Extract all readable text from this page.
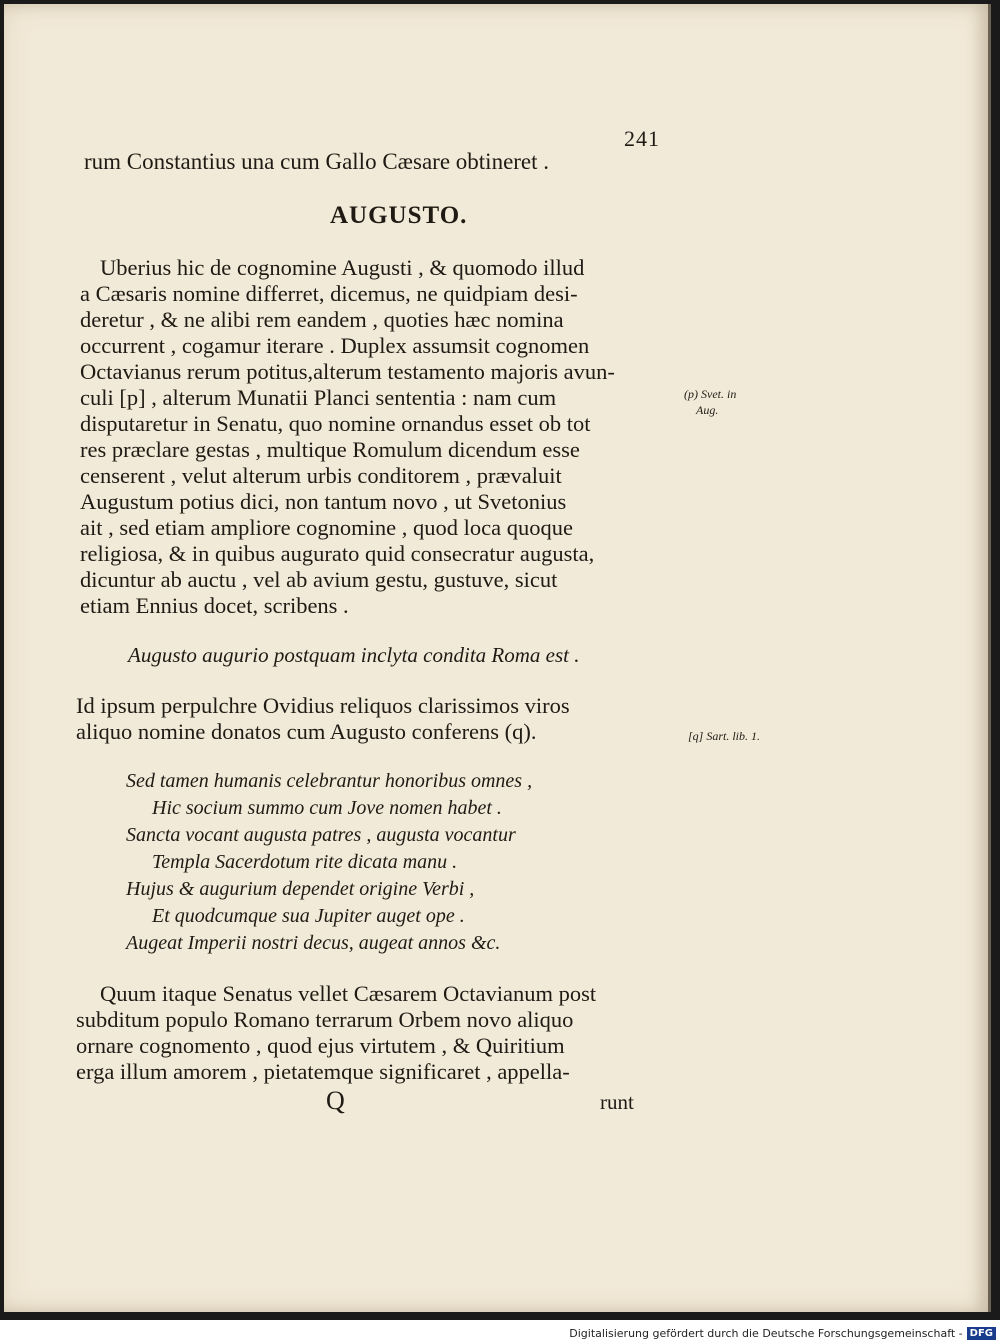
241
rum Constantius una cum Gallo Cæsare obtineret .
AUGUSTO.
Uberius hic de cognomine Augusti , & quomodo illud
a Cæsaris nomine differret, dicemus, ne quidpiam desi-
deretur , & ne alibi rem eandem , quoties hæc nomina
occurrent , cogamur iterare . Duplex assumsit cognomen
Octavianus rerum potitus,alterum testamento majoris avun-
culi [p] , alterum Munatii Planci sententia : nam cum
disputaretur in Senatu, quo nomine ornandus esset ob tot
res præclare gestas , multique Romulum dicendum esse
censerent , velut alterum urbis conditorem , prævaluit
Augustum potius dici, non tantum novo , ut Svetonius
ait , sed etiam ampliore cognomine , quod loca quoque
religiosa, & in quibus augurato quid consecratur augusta,
dicuntur ab auctu , vel ab avium gestu, gustuve, sicut
etiam Ennius docet, scribens .
(p) Svet. in
Aug.
Augusto augurio postquam inclyta condita Roma est .
Id ipsum perpulchre Ovidius reliquos clarissimos viros
aliquo nomine donatos cum Augusto conferens (q).	[q] Sart. lib. 1.
Sed tamen humanis celebrantur honoribus omnes ,
Hic socium summo cum Jove nomen habet .
Sancta vocant augusta patres , augusta vocantur
Templa Sacerdotum rite dicata manu .
Hujus & augurium dependet origine Verbi ,
Et quodcumque sua Jupiter auget ope .
Augeat Imperii nostri decus, augeat annos &c.
Quum itaque Senatus vellet Cæsarem Octavianum post
subditum populo Romano terrarum Orbem novo aliquo
ornare cognomento , quod ejus virtutem , & Quiritium
erga illum amorem , pietatemque significaret , appella-
Q	runt
Digitalisierung gefördert durch die Deutsche Forschungsgemeinschaft - DFG
